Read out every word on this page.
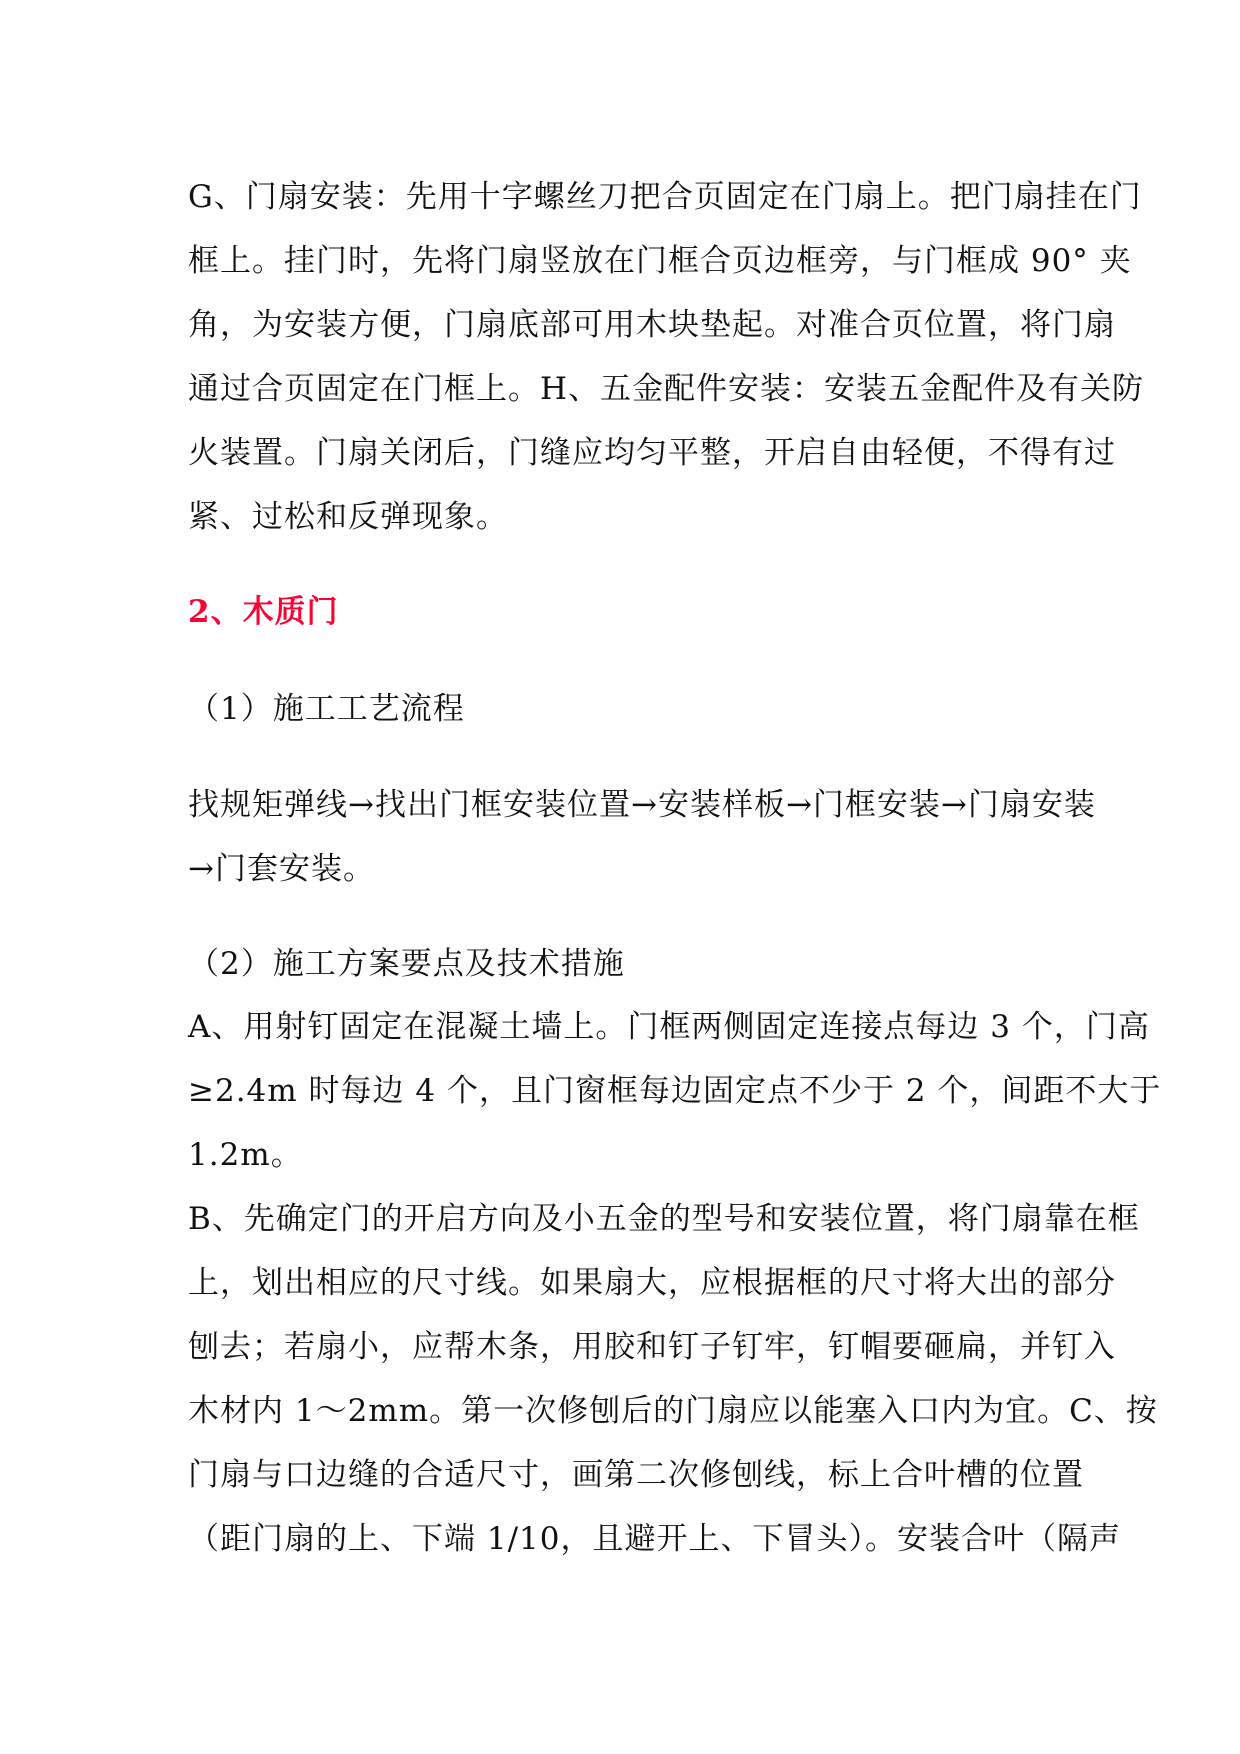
G、门扇安装：先用十字螺丝刀把合页固定在门扇上。把门扇挂在门
框上。挂门时，先将门扇竖放在门框合页边框旁，与门框成 90° 夹
角，为安装方便，门扇底部可用木块垫起。对准合页位置，将门扇
通过合页固定在门框上。H、五金配件安装：安装五金配件及有关防
火装置。门扇关闭后，门缝应均匀平整，开启自由轻便，不得有过
紧、过松和反弹现象。
2、木质门
（1）施工工艺流程
找规矩弹线→找出门框安装位置→安装样板→门框安装→门扇安装
→门套安装。
（2）施工方案要点及技术措施
A、用射钉固定在混凝土墙上。门框两侧固定连接点每边 3 个，门高
≥2.4m 时每边 4 个，且门窗框每边固定点不少于 2 个，间距不大于
1.2m。
B、先确定门的开启方向及小五金的型号和安装位置，将门扇靠在框
上，划出相应的尺寸线。如果扇大，应根据框的尺寸将大出的部分
刨去；若扇小，应帮木条，用胶和钉子钉牢，钉帽要砸扁，并钉入
木材内 1～2mm。第一次修刨后的门扇应以能塞入口内为宜。C、按
门扇与口边缝的合适尺寸，画第二次修刨线，标上合叶槽的位置
（距门扇的上、下端 1/10，且避开上、下冒头）。安装合叶（隔声
